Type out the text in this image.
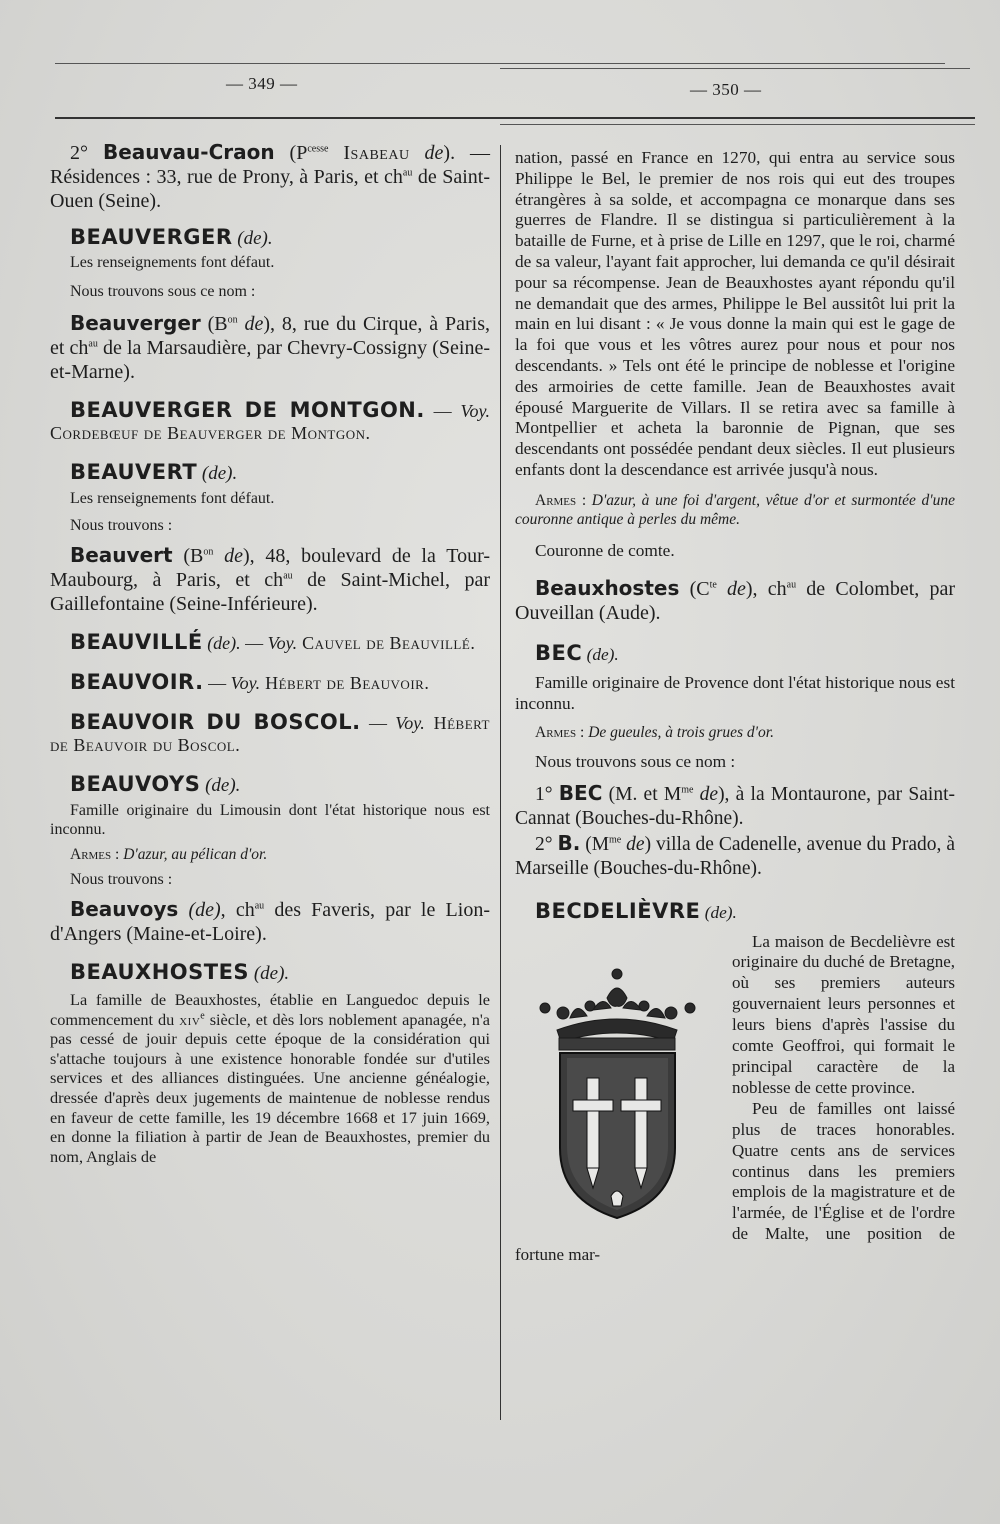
— 349 —	— 350 —

2° Beauvau-Craon ($P^{cesse}$ Isabeau de). — Résidences : 33, rue de Prony, à Paris, et $ch^{au}$ de Saint-Ouen (Seine).

BEAUVERGER (de).

Les renseignements font défaut.

Nous trouvons sous ce nom :

Beauverger ($B^{on}$ de), 8, rue du Cirque, à Paris, et $ch^{au}$ de la Marsaudière, par Chevry-Cossigny (Seine-et-Marne).

BEAUVERGER DE MONTGON. — Voy. Cordebœuf de Beauverger de Montgon.

BEAUVERT (de).

Les renseignements font défaut.

Nous trouvons :

Beauvert ($B^{on}$ de), 48, boulevard de la Tour-Maubourg, à Paris, et $ch^{au}$ de Saint-Michel, par Gaillefontaine (Seine-Inférieure).

BEAUVILLÉ (de). — Voy. Cauvel de Beauvillé.

BEAUVOIR. — Voy. Hébert de Beauvoir.

BEAUVOIR DU BOSCOL. — Voy. Hébert de Beauvoir du Boscol.

BEAUVOYS (de).

Famille originaire du Limousin dont l'état historique nous est inconnu.

Armes : D'azur, au pélican d'or.

Nous trouvons :

Beauvoys (de), $ch^{au}$ des Faveris, par le Lion-d'Angers (Maine-et-Loire).

BEAUXHOSTES (de).

La famille de Beauxhostes, établie en Languedoc depuis le commencement du xiv$^e$ siècle, et dès lors noblement apanagée, n'a pas cessé de jouir depuis cette époque de la considération qui s'attache toujours à une existence honorable fondée sur d'utiles services et des alliances distinguées. Une ancienne généalogie, dressée d'après deux jugements de maintenue de noblesse rendus en faveur de cette famille, les 19 décembre 1668 et 17 juin 1669, en donne la filiation à partir de Jean de Beauxhostes, premier du nom, Anglais de

nation, passé en France en 1270, qui entra au service sous Philippe le Bel, le premier de nos rois qui eut des troupes étrangères à sa solde, et accompagna ce monarque dans ses guerres de Flandre. Il se distingua si particulièrement à la bataille de Furne, et à prise de Lille en 1297, que le roi, charmé de sa valeur, l'ayant fait approcher, lui demanda ce qu'il désirait pour sa récompense. Jean de Beauxhostes ayant répondu qu'il ne demandait que des armes, Philippe le Bel aussitôt lui prit la main en lui disant : « Je vous donne la main qui est le gage de la foi que vous et les vôtres aurez pour nous et pour nos descendants. » Tels ont été le principe de noblesse et l'origine des armoiries de cette famille. Jean de Beauxhostes avait épousé Marguerite de Villars. Il se retira avec sa famille à Montpellier et acheta la baronnie de Pignan, que ses descendants ont possédée pendant deux siècles. Il eut plusieurs enfants dont la descendance est arrivée jusqu'à nous.

Armes : D'azur, à une foi d'argent, vêtue d'or et surmontée d'une couronne antique à perles du même.

Couronne de comte.

Beauxhostes ($C^{te}$ de), $ch^{au}$ de Colombet, par Ouveillan (Aude).

BEC (de).

Famille originaire de Provence dont l'état historique nous est inconnu.

Armes : De gueules, à trois grues d'or.

Nous trouvons sous ce nom :

1° BEC (M. et $M^{me}$ de), à la Montaurone, par Saint-Cannat (Bouches-du-Rhône).

2° B. ($M^{me}$ de) villa de Cadenelle, avenue du Prado, à Marseille (Bouches-du-Rhône).

BECDELIÈVRE (de).

La maison de Becdelièvre est originaire du duché de Bretagne, où ses premiers auteurs gouvernaient leurs personnes et leurs biens d'après l'assise du comte Geoffroi, qui formait le principal caractère de la noblesse de cette province.

Peu de familles ont laissé plus de traces honorables. Quatre cents ans de services continus dans les premiers emplois de la magistrature et de l'armée, de l'Église et de l'ordre de Malte, une position de fortune mar-
